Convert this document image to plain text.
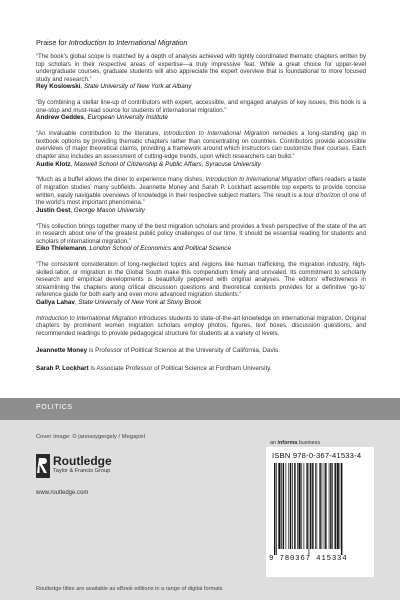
Praise for Introduction to International Migration
“The book’s global scope is matched by a depth of analysis achieved with tightly coordinated thematic chapters written by top scholars in their respective areas of expertise—a truly impressive feat. While a great choice for upper-level undergraduate courses, graduate students will also appreciate the expert overview that is foundational to more focused study and research.”
Rey Koslowski, State University of New York at Albany
“By combining a stellar line-up of contributors with expert, accessible, and engaged analysis of key issues, this book is a one-stop and must-read source for students of international migration.”
Andrew Geddes, European University Institute
“An invaluable contribution to the literature, Introduction to International Migration remedies a long-standing gap in textbook options by providing thematic chapters rather than concentrating on countries. Contributors provide accessible overviews of major theoretical claims, providing a framework around which instructors can customize their courses. Each chapter also includes an assessment of cutting-edge trends, upon which researchers can build.”
Audie Klotz, Maxwell School of Citizenship & Public Affairs, Syracuse University
“Much as a buffet allows the diner to experience many dishes, Introduction to International Migration offers readers a taste of migration studies’ many subfields. Jeannette Money and Sarah P. Lockhart assemble top experts to provide concise written, easily navigable overviews of knowledge in their respective subject matters. The result is a tour d’horizon of one of the world’s most important phenomena.”
Justin Gest, George Mason University
“This collection brings together many of the best migration scholars and provides a fresh perspective of the state of the art in research about one of the greatest public policy challenges of our time. It should be essential reading for students and scholars of international migration.”
Eiko Thielemann, London School of Economics and Political Science
“The consistent consideration of long-neglected topics and regions like human trafficking, the migration industry, high-skilled labor, or migration in the Global South make this compendium timely and unrivaled. Its commitment to scholarly research and empirical developments is beautifully peppered with original analyses. The editors’ effectiveness in streamlining the chapters along critical discussion questions and theoretical contexts provides for a definitive ‘go-to’ reference guide for both early and even more advanced migration students.”
Gallya Lahav, State University of New York at Stony Brook
Introduction to International Migration introduces students to state-of-the-art knowledge on international migration. Original chapters by prominent women migration scholars employ photos, figures, text boxes, discussion questions, and recommended readings to provide pedagogical structure for students at a variety of levels.
Jeannette Money is Professor of Political Science at the University of California, Davis.
Sarah P. Lockhart is Associate Professor of Political Science at Fordham University.
POLITICS
Cover Image: © janossygergely / Megapixl
Routledge
Taylor & Francis Group
www.routledge.com
an informa business
ISBN 978-0-367-41533-4
9 780367 415334
Routledge titles are available as eBook editions in a range of digital formats
